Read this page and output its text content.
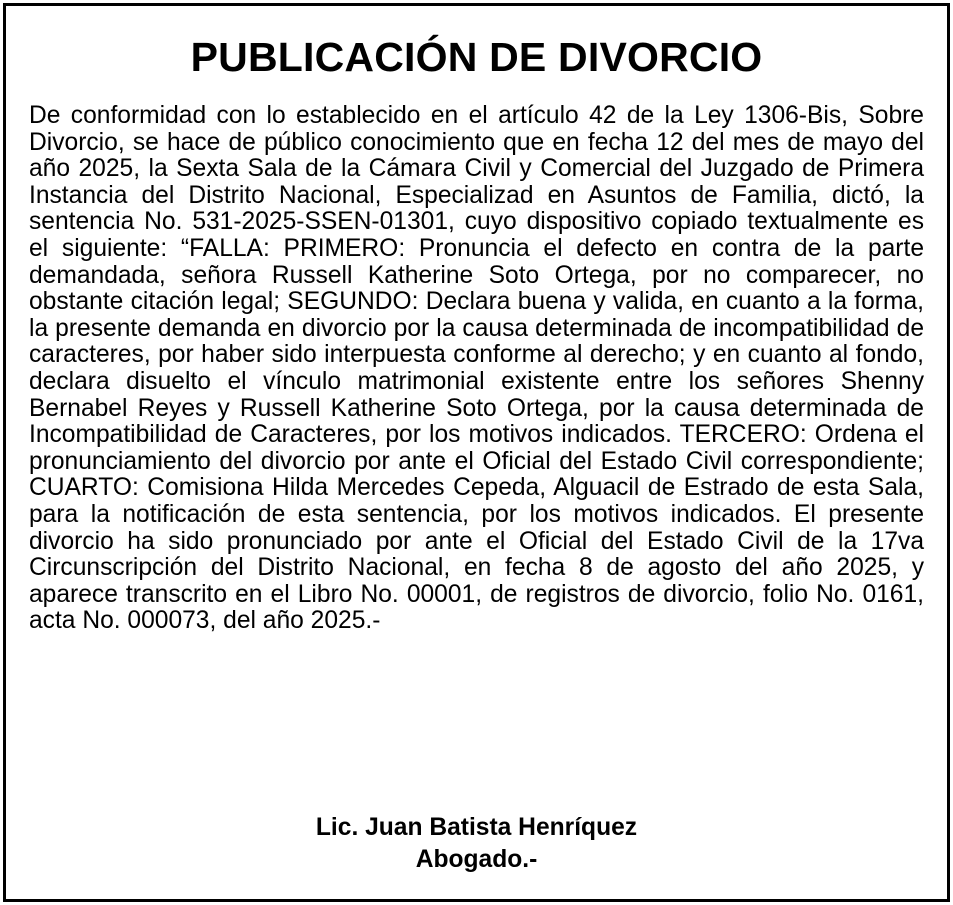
PUBLICACIÓN DE DIVORCIO

De conformidad con lo establecido en el artículo 42 de la Ley 1306-Bis, Sobre Divorcio, se hace de público conocimiento que en fecha 12 del mes de mayo del año 2025, la Sexta Sala de la Cámara Civil y Comercial del Juzgado de Primera Instancia del Distrito Nacional, Especializad en Asuntos de Familia, dictó, la sentencia No. 531-2025-SSEN-01301, cuyo dispositivo copiado textualmente es el siguiente: “FALLA: PRIMERO: Pronuncia el defecto en contra de la parte demandada, señora Russell Katherine Soto Ortega, por no comparecer, no obstante citación legal; SEGUNDO: Declara buena y valida, en cuanto a la forma, la presente demanda en divorcio por la causa determinada de incompatibilidad de caracteres, por haber sido interpuesta conforme al derecho; y en cuanto al fondo, declara disuelto el vínculo matrimonial existente entre los señores Shenny Bernabel Reyes y Russell Katherine Soto Ortega, por la causa determinada de Incompatibilidad de Caracteres, por los motivos indicados. TERCERO: Ordena el pronunciamiento del divorcio por ante el Oficial del Estado Civil correspondiente; CUARTO: Comisiona Hilda Mercedes Cepeda, Alguacil de Estrado de esta Sala, para la notificación de esta sentencia, por los motivos indicados. El presente divorcio ha sido pronunciado por ante el Oficial del Estado Civil de la 17va Circunscripción del Distrito Nacional, en fecha 8 de agosto del año 2025, y aparece transcrito en el Libro No. 00001, de registros de divorcio, folio No. 0161, acta No. 000073, del año 2025.-

Lic. Juan Batista Henríquez
Abogado.-
